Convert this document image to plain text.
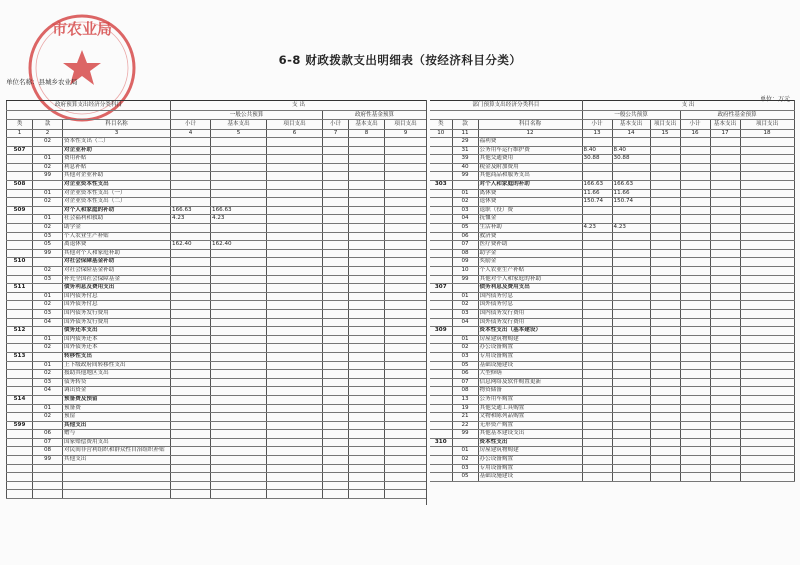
市农业局
6-8 财政拨款支出明细表（按经济科目分类）
单位名称：县城乡农业局
单位：万元
政府预算支出经济分类科目			支 出					
			一般公共预算			政府性基金预算		
类	款	科目名称	小计	基本支出	项目支出	小计	基本支出	项目支出
1	2	3	4	5	6	7	8	9
	02	资本性支出（二）						
507		对企业补助						
	01	费用补贴						
	02	利息补贴						
	99	其他对企业补助						
508		对企业资本性支出						
	01	对企业资本性支出（一）						
	02	对企业资本性支出（二）						
509		对个人和家庭的补助	166.63	166.63				
	01	社会福利和救助	4.23	4.23				
	02	助学金						
	03	个人农业生产补贴						
	05	离退休费	162.40	162.40				
	99	其他对个人和家庭补助						
510		对社会保障基金补助						
	02	对社会保险基金补助						
	03	补充全国社会保障基金						
511		债务利息及费用支出						
	01	国内债务付息						
	02	国外债务付息						
	03	国内债务发行费用						
	04	国外债务发行费用						
512		债务还本支出						
	01	国内债务还本						
	02	国外债务还本						
513		转移性支出						
	01	上下级政府间转移性支出						
	02	援助其他地区支出						
	03	债务转贷						
	04	调出资金						
514		预备费及预留						
	01	预备费						
	02	预留						
599		其他支出						
	06	赠与						
	07	国家赔偿费用支出						
	08	对民间非营利组织和群众性自治组织补贴						
	99	其他支出						

部门预算支出经济分类科目			支 出					
			一般公共预算			政府性基金预算		
类	款	科目名称	小计	基本支出	项目支出	小计	基本支出	项目支出
10	11	12	13	14	15	16	17	18
	29	福利费						
	31	公务用车运行维护费	8.40	8.40				
	39	其他交通费用	30.88	30.88				
	40	税金及附加费用						
	99	其他商品和服务支出						
303		对个人和家庭的补助	166.63	166.63				
	01	离休费	11.66	11.66				
	02	退休费	150.74	150.74				
	03	退职（役）费						
	04	抚恤金						
	05	生活补助	4.23	4.23				
	06	救济费						
	07	医疗费补助						
	08	助学金						
	09	奖励金						
	10	个人农业生产补贴						
	99	其他对个人和家庭的补助						
307		债务利息及费用支出						
	01	国内债务付息						
	02	国外债务付息						
	03	国内债务发行费用						
	04	国外债务发行费用						
309		资本性支出（基本建设）						
	01	房屋建筑物购建						
	02	办公设备购置						
	03	专用设备购置						
	05	基础设施建设						
	06	大型修缮						
	07	信息网络及软件购置更新						
	08	物资储备						
	13	公务用车购置						
	19	其他交通工具购置						
	21	文物和陈列品购置						
	22	无形资产购置						
	99	其他基本建设支出						
310		资本性支出						
	01	房屋建筑物购建						
	02	办公设备购置						
	03	专用设备购置						
	05	基础设施建设						
